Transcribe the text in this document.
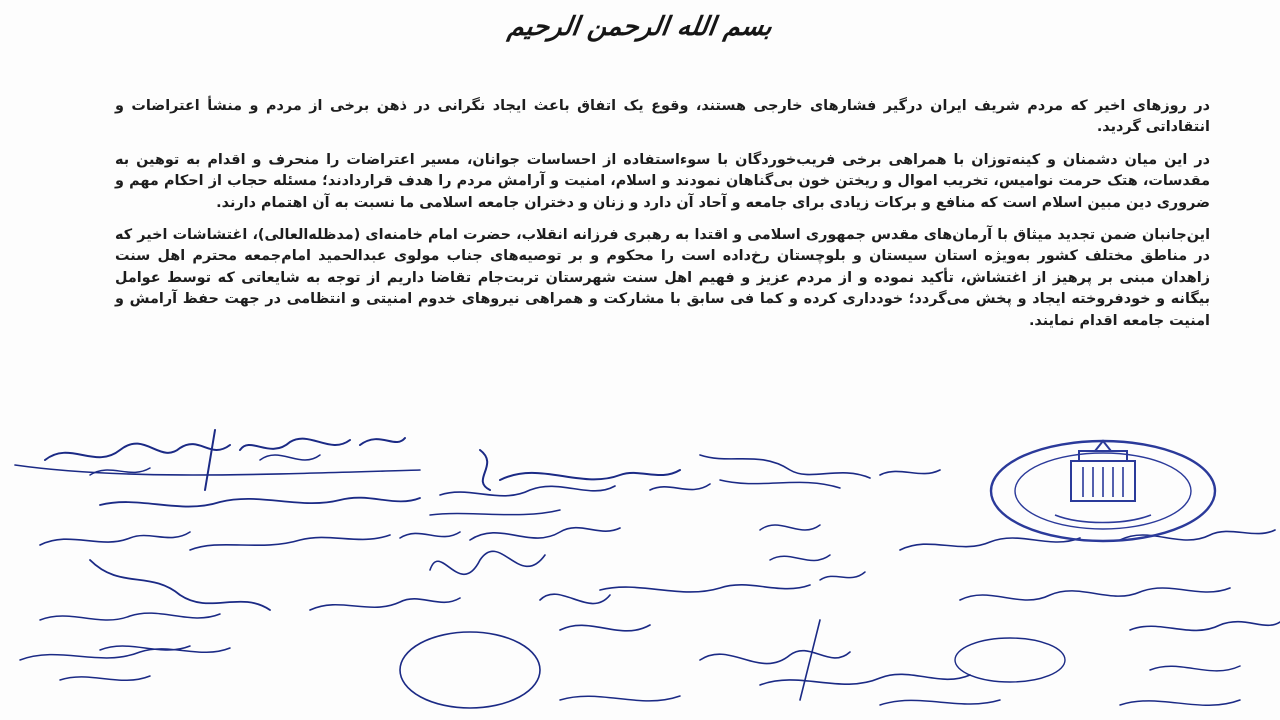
بسم الله الرحمن الرحیم

در روزهای اخیر که مردم شریف ایران درگیر فشارهای خارجی هستند، وقوع یک اتفاق باعث ایجاد نگرانی در ذهن برخی از مردم و منشأ اعتراضات و انتقاداتی گردید.

در این میان دشمنان و کینه‌توزان با همراهی برخی فریب‌خوردگان با سوءاستفاده از احساسات جوانان، مسیر اعتراضات را منحرف و اقدام به توهین به مقدسات، هتک حرمت نوامیس، تخریب اموال و ریختن خون بی‌گناهان نمودند و اسلام، امنیت و آرامش مردم را هدف قراردادند؛ مسئله حجاب از احکام مهم و ضروری دین مبین اسلام است که منافع و برکات زیادی برای جامعه و آحاد آن دارد و زنان و دختران جامعه اسلامی ما نسبت به آن اهتمام دارند.

این‌جانبان ضمن تجدید میثاق با آرمان‌های مقدس جمهوری اسلامی و اقتدا به رهبری فرزانه انقلاب، حضرت امام خامنه‌ای (مدظله‌العالی)، اغتشاشات اخیر که در مناطق مختلف کشور به‌ویژه استان سیستان و بلوچستان رخ‌داده است را محکوم و بر توصیه‌های جناب مولوی عبدالحمید امام‌جمعه محترم اهل سنت زاهدان مبنی بر پرهیز از اغتشاش، تأکید نموده و از مردم عزیز و فهیم اهل سنت شهرستان تربت‌جام تقاضا داریم از توجه به شایعاتی که توسط عوامل بیگانه و خودفروخته ایجاد و پخش می‌گردد؛ خودداری کرده و کما فی سابق با مشارکت و همراهی نیروهای خدوم امنیتی و انتظامی در جهت حفظ آرامش و امنیت جامعه اقدام نمایند.
